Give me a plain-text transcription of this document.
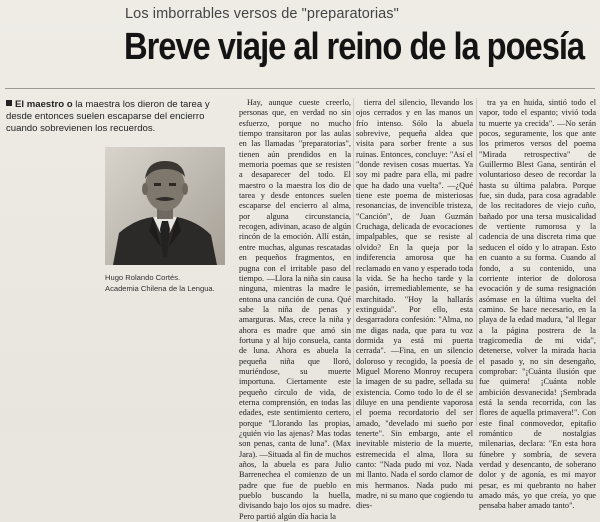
Los imborrables versos de "preparatorias"
Breve viaje al reino de la poesía
El maestro o la maestra los dieron de tarea y desde entonces suelen escaparse del encierro cuando sobrevienen los recuerdos.
Hugo Rolando Cortés.
Academia Chilena de la Lengua.

Hay, aunque cueste creerlo, personas que, en verdad no sin esfuerzo, porque no mucho tiempo transitaron por las aulas en las llamadas "preparatorias", tienen aún prendidos en la memoria poemas que se resisten a desaparecer del todo. El maestro o la maestra los dio de tarea y desde entonces suelen escaparse del encierro al alma, por alguna circunstancia, recogen, adivinan, acaso de algún rincón de la emoción. Allí están, entre muchas, algunas rescatadas en pequeños fragmentos, en pugna con el irritable paso del tiempo. —Llora la niña sin causa ninguna, mientras la madre le entona una canción de cuna. Qué sabe la niña de penas y amarguras. Mas, crece la niña y ahora es madre que amó sin fortuna y al hijo consuela, canta de luna. Ahora es abuela la pequeña niña que lloró, muriéndose, su muerte importuna. Ciertamente este pequeño círculo de vida, de eterna comprensión, en todas las edades, este sentimiento certero, porque "Llorando las propias, ¿quién vio las ajenas? Mas todas son penas, canta de luna". (Max Jara). —Situada al fin de muchos años, la abuela es para Julio Barrenechea el comienzo de un padre que fue de pueblo en pueblo buscando la huella, divisando bajo los ojos su madre. Pero partió algún día hacia la

tierra del silencio, llevando los ojos cerrados y en las manos un frío intenso. Sólo la abuela sobrevive, pequeña aldea que visita para sorber frente a sus ruinas. Entonces, concluye: "Así el "donde revisen cosas muertas. Ya soy mi padre para ella, mi padre que ha dado una vuelta". —¿Qué tiene este poema de misteriosas resonancias, de invencible tristeza, "Canción", de Juan Guzmán Cruchaga, delicada de evocaciones impalpables, que se resiste al olvido? En la queja por la indiferencia amorosa que ha reclamado en vano y esperado toda la vida. Se ha hecho tarde y la pasión, irremediablemente, se ha marchitado. "Hoy la hallarás extinguida". Por ello, esta desgarradora confesión: "Alma, no me digas nada, que para tu voz dormida ya está mi puerta cerrada". —Fina, en un silencio doloroso y recogido, la poesía de Miguel Moreno Monroy recupera la imagen de su padre, sellada su existencia. Como todo lo de él se diluye en una pendiente vaporosa el poema recordatorio del ser amado, "develado mi sueño por tenerte". Sin embargo, ante el inevitable misterio de la muerte, estremecida el alma, llora su canto: "Nada pudo mi voz. Nada mi llanto. Nada el sordo clamor de mis hermanos. Nada pudo mi madre, ni su mano que cogiendo tu dies-

tra ya en huida, sintió todo el vapor, todo el espanto; vivió toda tu muerte ya crecida". —No serán pocos, seguramente, los que ante los primeros versos del poema "Mirada retrospectiva" de Guillermo Blest Gana, sentirán el voluntarioso deseo de recordar la hasta su última palabra. Porque fue, sin duda, para cosa agradable de los recitadores de viejo cuño, bañado por una tersa musicalidad de vertiente rumorosa y la cadencia de una discreta rima que seducen el oído y lo atrapan. Esto en cuanto a su forma. Cuando al fondo, a su contenido, una corriente interior de dolorosa evocación y de suma resignación asómase en la última vuelta del camino. Se hace necesario, en la playa de la edad madura, "al llegar a la página postrera de la tragicomedia de mi vida", detenerse, volver la mirada hacia el pasado y, no sin desengaño, comprobar: "¡Cuánta ilusión que fue quimera! ¡Cuánta noble ambición desvanecida! ¡Sembrada está la senda recorrida, con las flores de aquella primavera!". Con este final conmovedor, epitafio romántico de nostalgias milenarias, declara: "En esta hora fúnebre y sombría, de severa verdad y desencanto, de soberano dolor y de agonía, es mi mayor pesar, es mi quebranto no haber amado más, yo que creía, yo que pensaba haber amado tanto".
